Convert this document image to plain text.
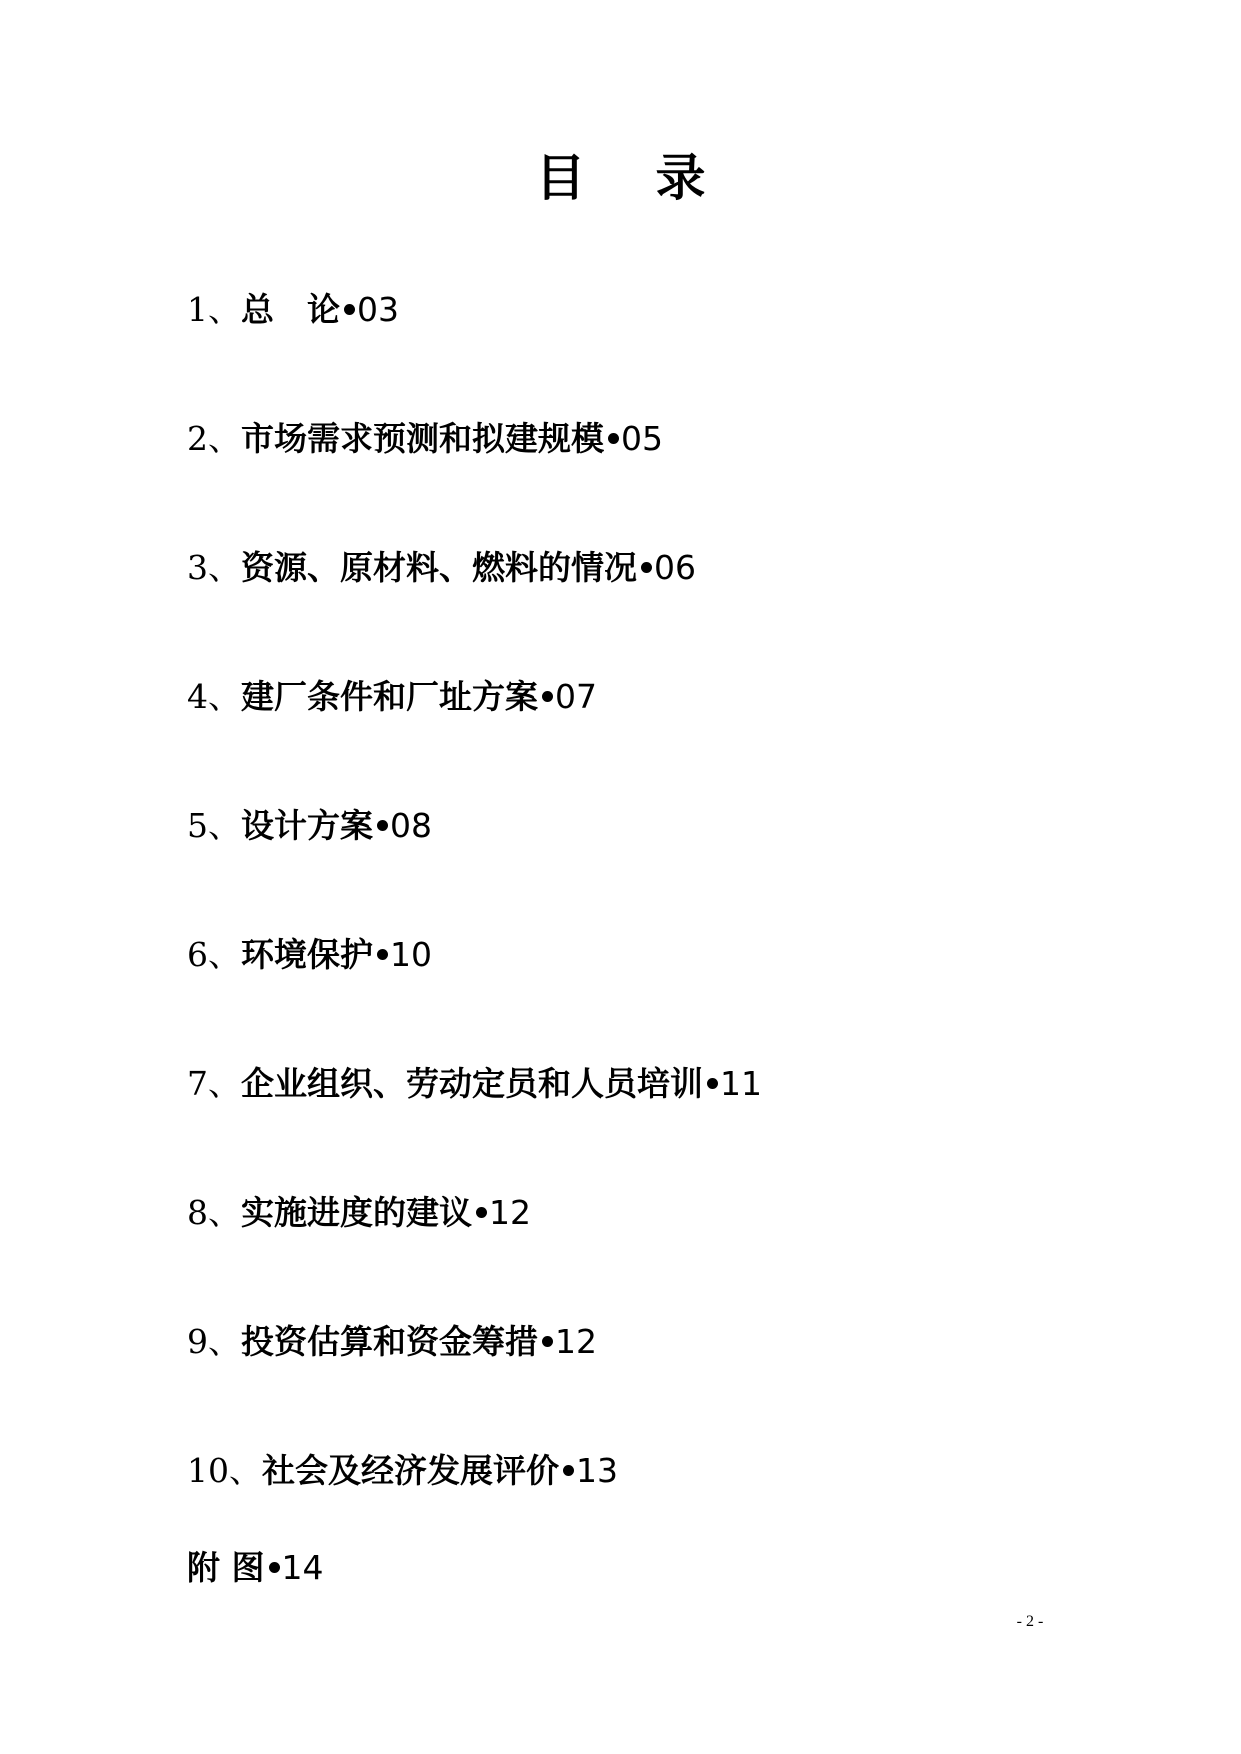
目 录
1、总　论 03
2、市场需求预测和拟建规模 05
3、资源、原材料、燃料的情况 06
4、建厂条件和厂址方案 07
5、设计方案 08
6、环境保护 10
7、企业组织、劳动定员和人员培训 11
8、实施进度的建议 12
9、投资估算和资金筹措 12
10、社会及经济发展评价 13
附 图 14
- 2 -
